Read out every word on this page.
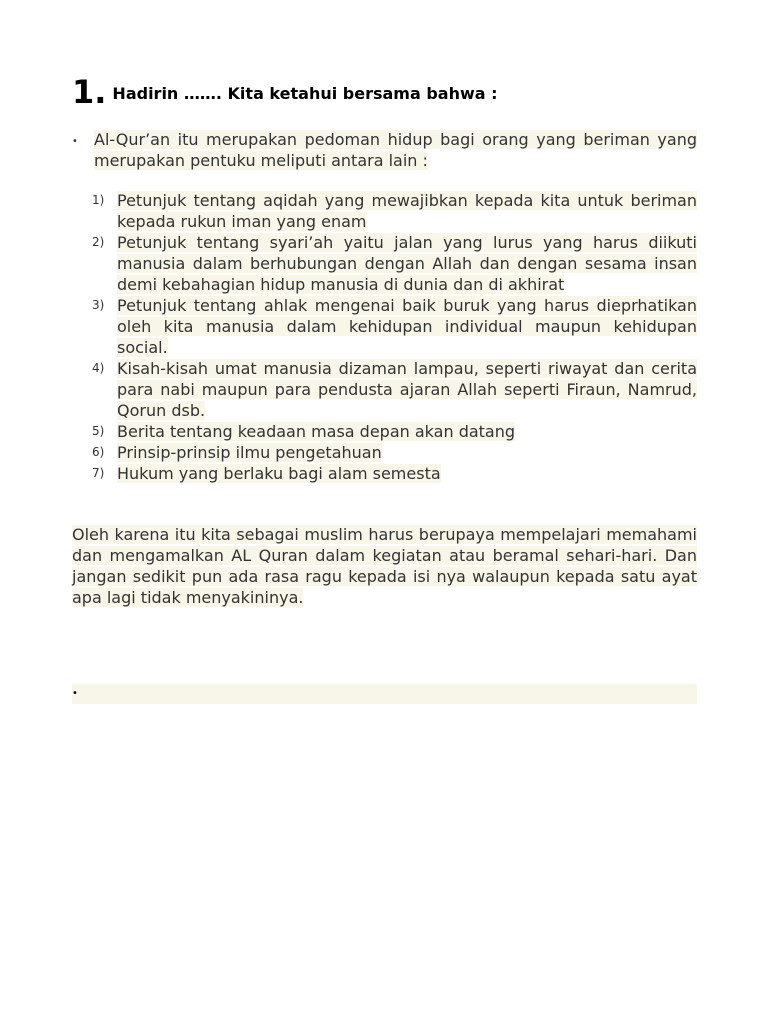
1. Hadirin ……. Kita ketahui bersama bahwa :
• Al-Qur’an itu merupakan pedoman hidup bagi orang yang beriman yang merupakan pentuku meliputi antara lain :
1) Petunjuk tentang aqidah yang mewajibkan kepada kita untuk beriman kepada rukun iman yang enam
2) Petunjuk tentang syari’ah yaitu jalan yang lurus yang harus diikuti manusia dalam berhubungan dengan Allah dan dengan sesama insan demi kebahagian hidup manusia di dunia dan di akhirat
3) Petunjuk tentang ahlak mengenai baik buruk yang harus dieprhatikan oleh kita manusia dalam kehidupan individual maupun kehidupan social.
4) Kisah-kisah umat manusia dizaman lampau, seperti riwayat dan cerita para nabi maupun para pendusta ajaran Allah seperti Firaun, Namrud, Qorun dsb.
5) Berita tentang keadaan masa depan akan datang
6) Prinsip-prinsip ilmu pengetahuan
7) Hukum yang berlaku bagi alam semesta
Oleh karena itu kita sebagai muslim harus berupaya mempelajari memahami dan mengamalkan AL Quran dalam kegiatan atau beramal sehari-hari. Dan jangan sedikit pun ada rasa ragu kepada isi nya walaupun kepada satu ayat apa lagi tidak menyakininya.
•
